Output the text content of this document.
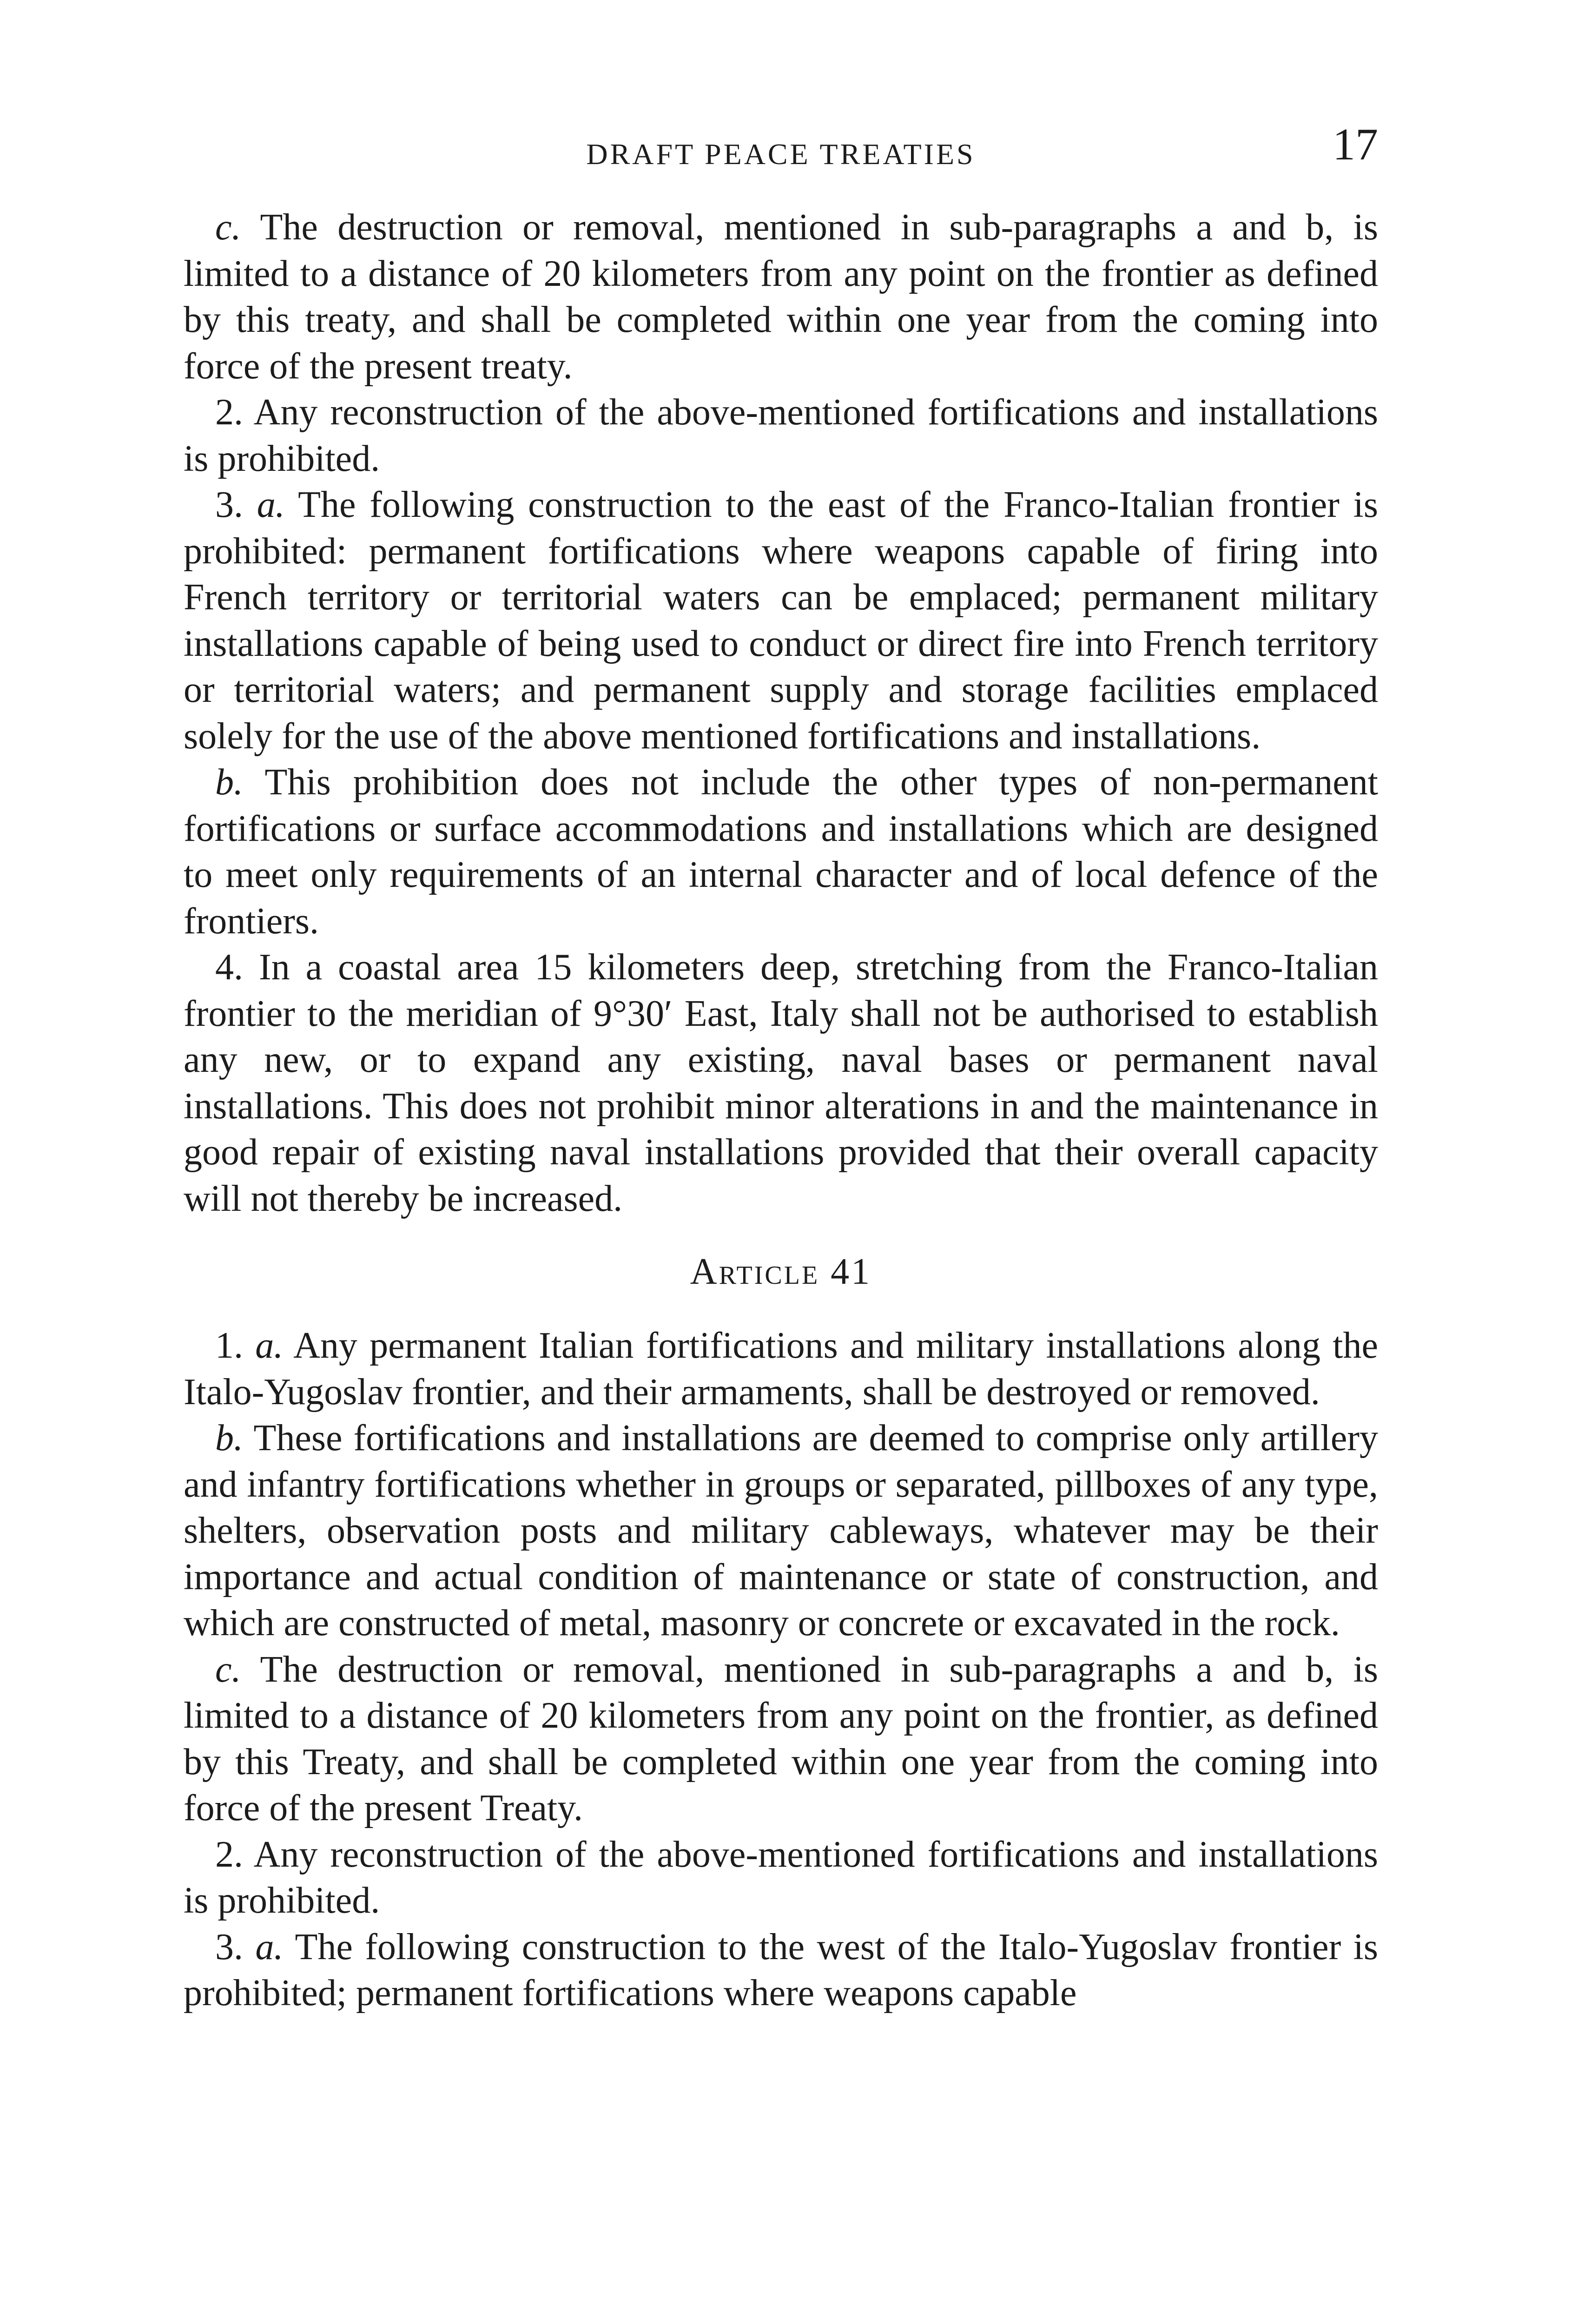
DRAFT PEACE TREATIES	17

c. The destruction or removal, mentioned in sub-paragraphs a and b, is limited to a distance of 20 kilometers from any point on the frontier as defined by this treaty, and shall be completed within one year from the coming into force of the present treaty.

2. Any reconstruction of the above-mentioned fortifications and installations is prohibited.

3. a. The following construction to the east of the Franco-Italian frontier is prohibited: permanent fortifications where weapons capable of firing into French territory or territorial waters can be emplaced; permanent military installations capable of being used to conduct or direct fire into French territory or territorial waters; and permanent supply and storage facilities emplaced solely for the use of the above mentioned fortifications and installations.

b. This prohibition does not include the other types of non-permanent fortifications or surface accommodations and installations which are designed to meet only requirements of an internal character and of local defence of the frontiers.

4. In a coastal area 15 kilometers deep, stretching from the Franco-Italian frontier to the meridian of 9°30′ East, Italy shall not be authorised to establish any new, or to expand any existing, naval bases or permanent naval installations. This does not prohibit minor alterations in and the maintenance in good repair of existing naval installations provided that their overall capacity will not thereby be increased.

Article 41

1. a. Any permanent Italian fortifications and military installations along the Italo-Yugoslav frontier, and their armaments, shall be destroyed or removed.

b. These fortifications and installations are deemed to comprise only artillery and infantry fortifications whether in groups or separated, pillboxes of any type, shelters, observation posts and military cableways, whatever may be their importance and actual condition of maintenance or state of construction, and which are constructed of metal, masonry or concrete or excavated in the rock.

c. The destruction or removal, mentioned in sub-paragraphs a and b, is limited to a distance of 20 kilometers from any point on the frontier, as defined by this Treaty, and shall be completed within one year from the coming into force of the present Treaty.

2. Any reconstruction of the above-mentioned fortifications and installations is prohibited.

3. a. The following construction to the west of the Italo-Yugoslav frontier is prohibited; permanent fortifications where weapons capable
